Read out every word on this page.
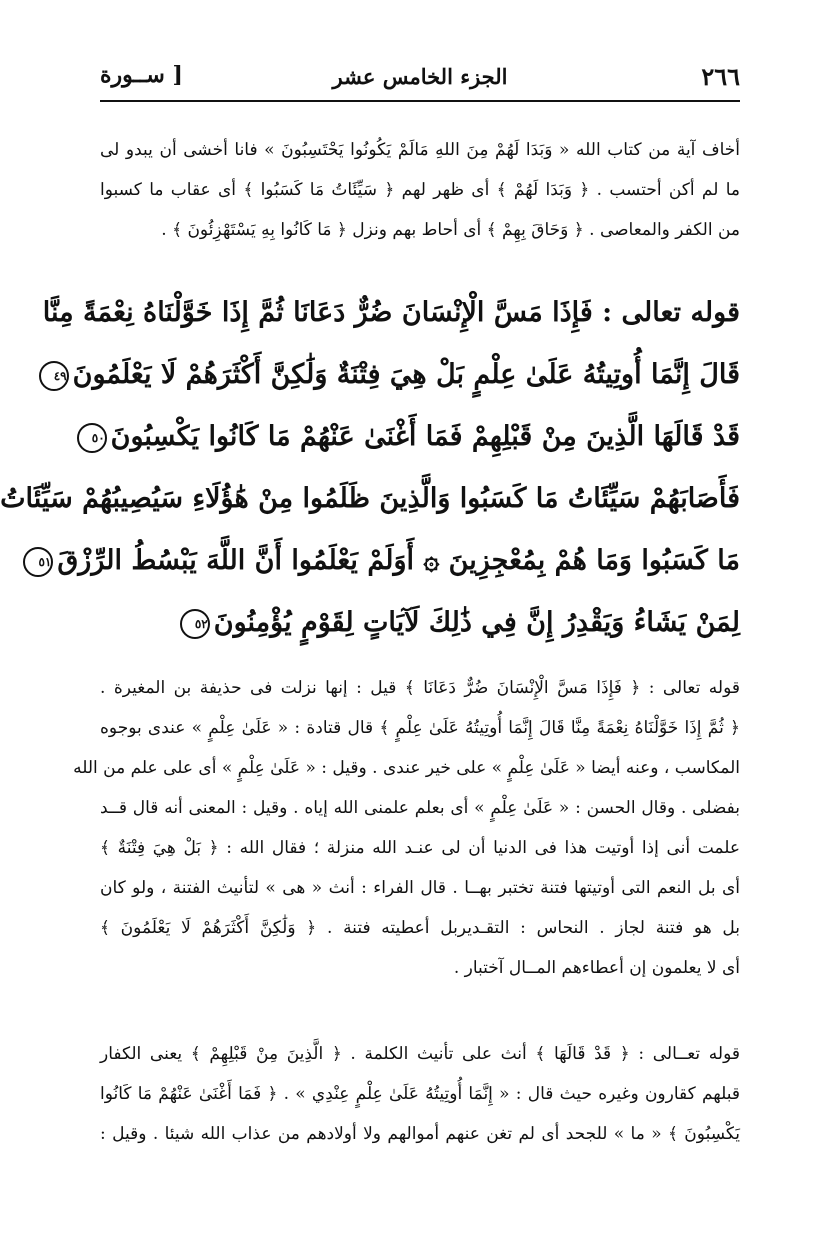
٢٦٦
الجزء الخامس عشر
[ ســورة
أخاف آية من كتاب الله « وَبَدَا لَهُمْ مِنَ اللهِ مَالَمْ يَكُونُوا يَحْتَسِبُونَ » فانا أخشى أن يبدو لى
ما لم أكن أحتسب . ﴿ وَبَدَا لَهُمْ ﴾ أى ظهر لهم ﴿ سَيِّئَاتُ مَا كَسَبُوا ﴾ أى عقاب ما كسبوا
من الكفر والمعاصى . ﴿ وَحَاقَ بِهِمْ ﴾ أى أحاط بهم ونزل ﴿ مَا كَانُوا بِهِ يَسْتَهْزِئُونَ ﴾ .
قوله تعالى : فَإِذَا مَسَّ الْإِنْسَانَ ضُرٌّ دَعَانَا ثُمَّ إِذَا خَوَّلْنَاهُ نِعْمَةً مِنَّا
قَالَ إِنَّمَا أُوتِيتُهُ عَلَىٰ عِلْمٍ بَلْ هِيَ فِتْنَةٌ وَلَٰكِنَّ أَكْثَرَهُمْ لَا يَعْلَمُونَ٤٩
قَدْ قَالَهَا الَّذِينَ مِنْ قَبْلِهِمْ فَمَا أَغْنَىٰ عَنْهُمْ مَا كَانُوا يَكْسِبُونَ٥٠
فَأَصَابَهُمْ سَيِّئَاتُ مَا كَسَبُوا وَالَّذِينَ ظَلَمُوا مِنْ هَٰؤُلَاءِ سَيُصِيبُهُمْ سَيِّئَاتُ
مَا كَسَبُوا وَمَا هُمْ بِمُعْجِزِينَ ۞ أَوَلَمْ يَعْلَمُوا أَنَّ اللَّهَ يَبْسُطُ الرِّزْقَ٥١
لِمَنْ يَشَاءُ وَيَقْدِرُ إِنَّ فِي ذَٰلِكَ لَآيَاتٍ لِقَوْمٍ يُؤْمِنُونَ٥٢
قوله تعالى : ﴿ فَإِذَا مَسَّ الْإِنْسَانَ ضُرٌّ دَعَانَا ﴾ قيل : إنها نزلت فى حذيفة بن المغيرة .
﴿ ثُمَّ إِذَا خَوَّلْنَاهُ نِعْمَةً مِنَّا قَالَ إِنَّمَا أُوتِيتُهُ عَلَىٰ عِلْمٍ ﴾ قال قتادة : « عَلَىٰ عِلْمٍ » عندى بوجوه
المكاسب ، وعنه أيضا « عَلَىٰ عِلْمٍ » على خير عندى . وقيل : « عَلَىٰ عِلْمٍ » أى على علم من الله
بفضلى . وقال الحسن : « عَلَىٰ عِلْمٍ » أى بعلم علمنى الله إياه . وقيل : المعنى أنه قال قــد
علمت أنى إذا أوتيت هذا فى الدنيا أن لى عنـد الله منزلة ؛ فقال الله : ﴿ بَلْ هِيَ فِتْنَةٌ ﴾
أى بل النعم التى أوتيتها فتنة تختبر بهــا . قال الفراء : أنث « هى » لتأنيث الفتنة ، ولو كان
بل هو فتنة لجاز . النحاس : التقـديربل أعطيته فتنة . ﴿ وَلَٰكِنَّ أَكْثَرَهُمْ لَا يَعْلَمُونَ ﴾
أى لا يعلمون إن أعطاءهم المــال آختبار .
قوله تعــالى : ﴿ قَدْ قَالَهَا ﴾ أنث على تأنيث الكلمة . ﴿ الَّذِينَ مِنْ قَبْلِهِمْ ﴾ يعنى الكفار
قبلهم كقارون وغيره حيث قال : « إِنَّمَا أُوتِيتُهُ عَلَىٰ عِلْمٍ عِنْدِي » . ﴿ فَمَا أَغْنَىٰ عَنْهُمْ مَا كَانُوا
يَكْسِبُونَ ﴾ « ما » للجحد أى لم تغن عنهم أموالهم ولا أولادهم من عذاب الله شيئا . وقيل :
